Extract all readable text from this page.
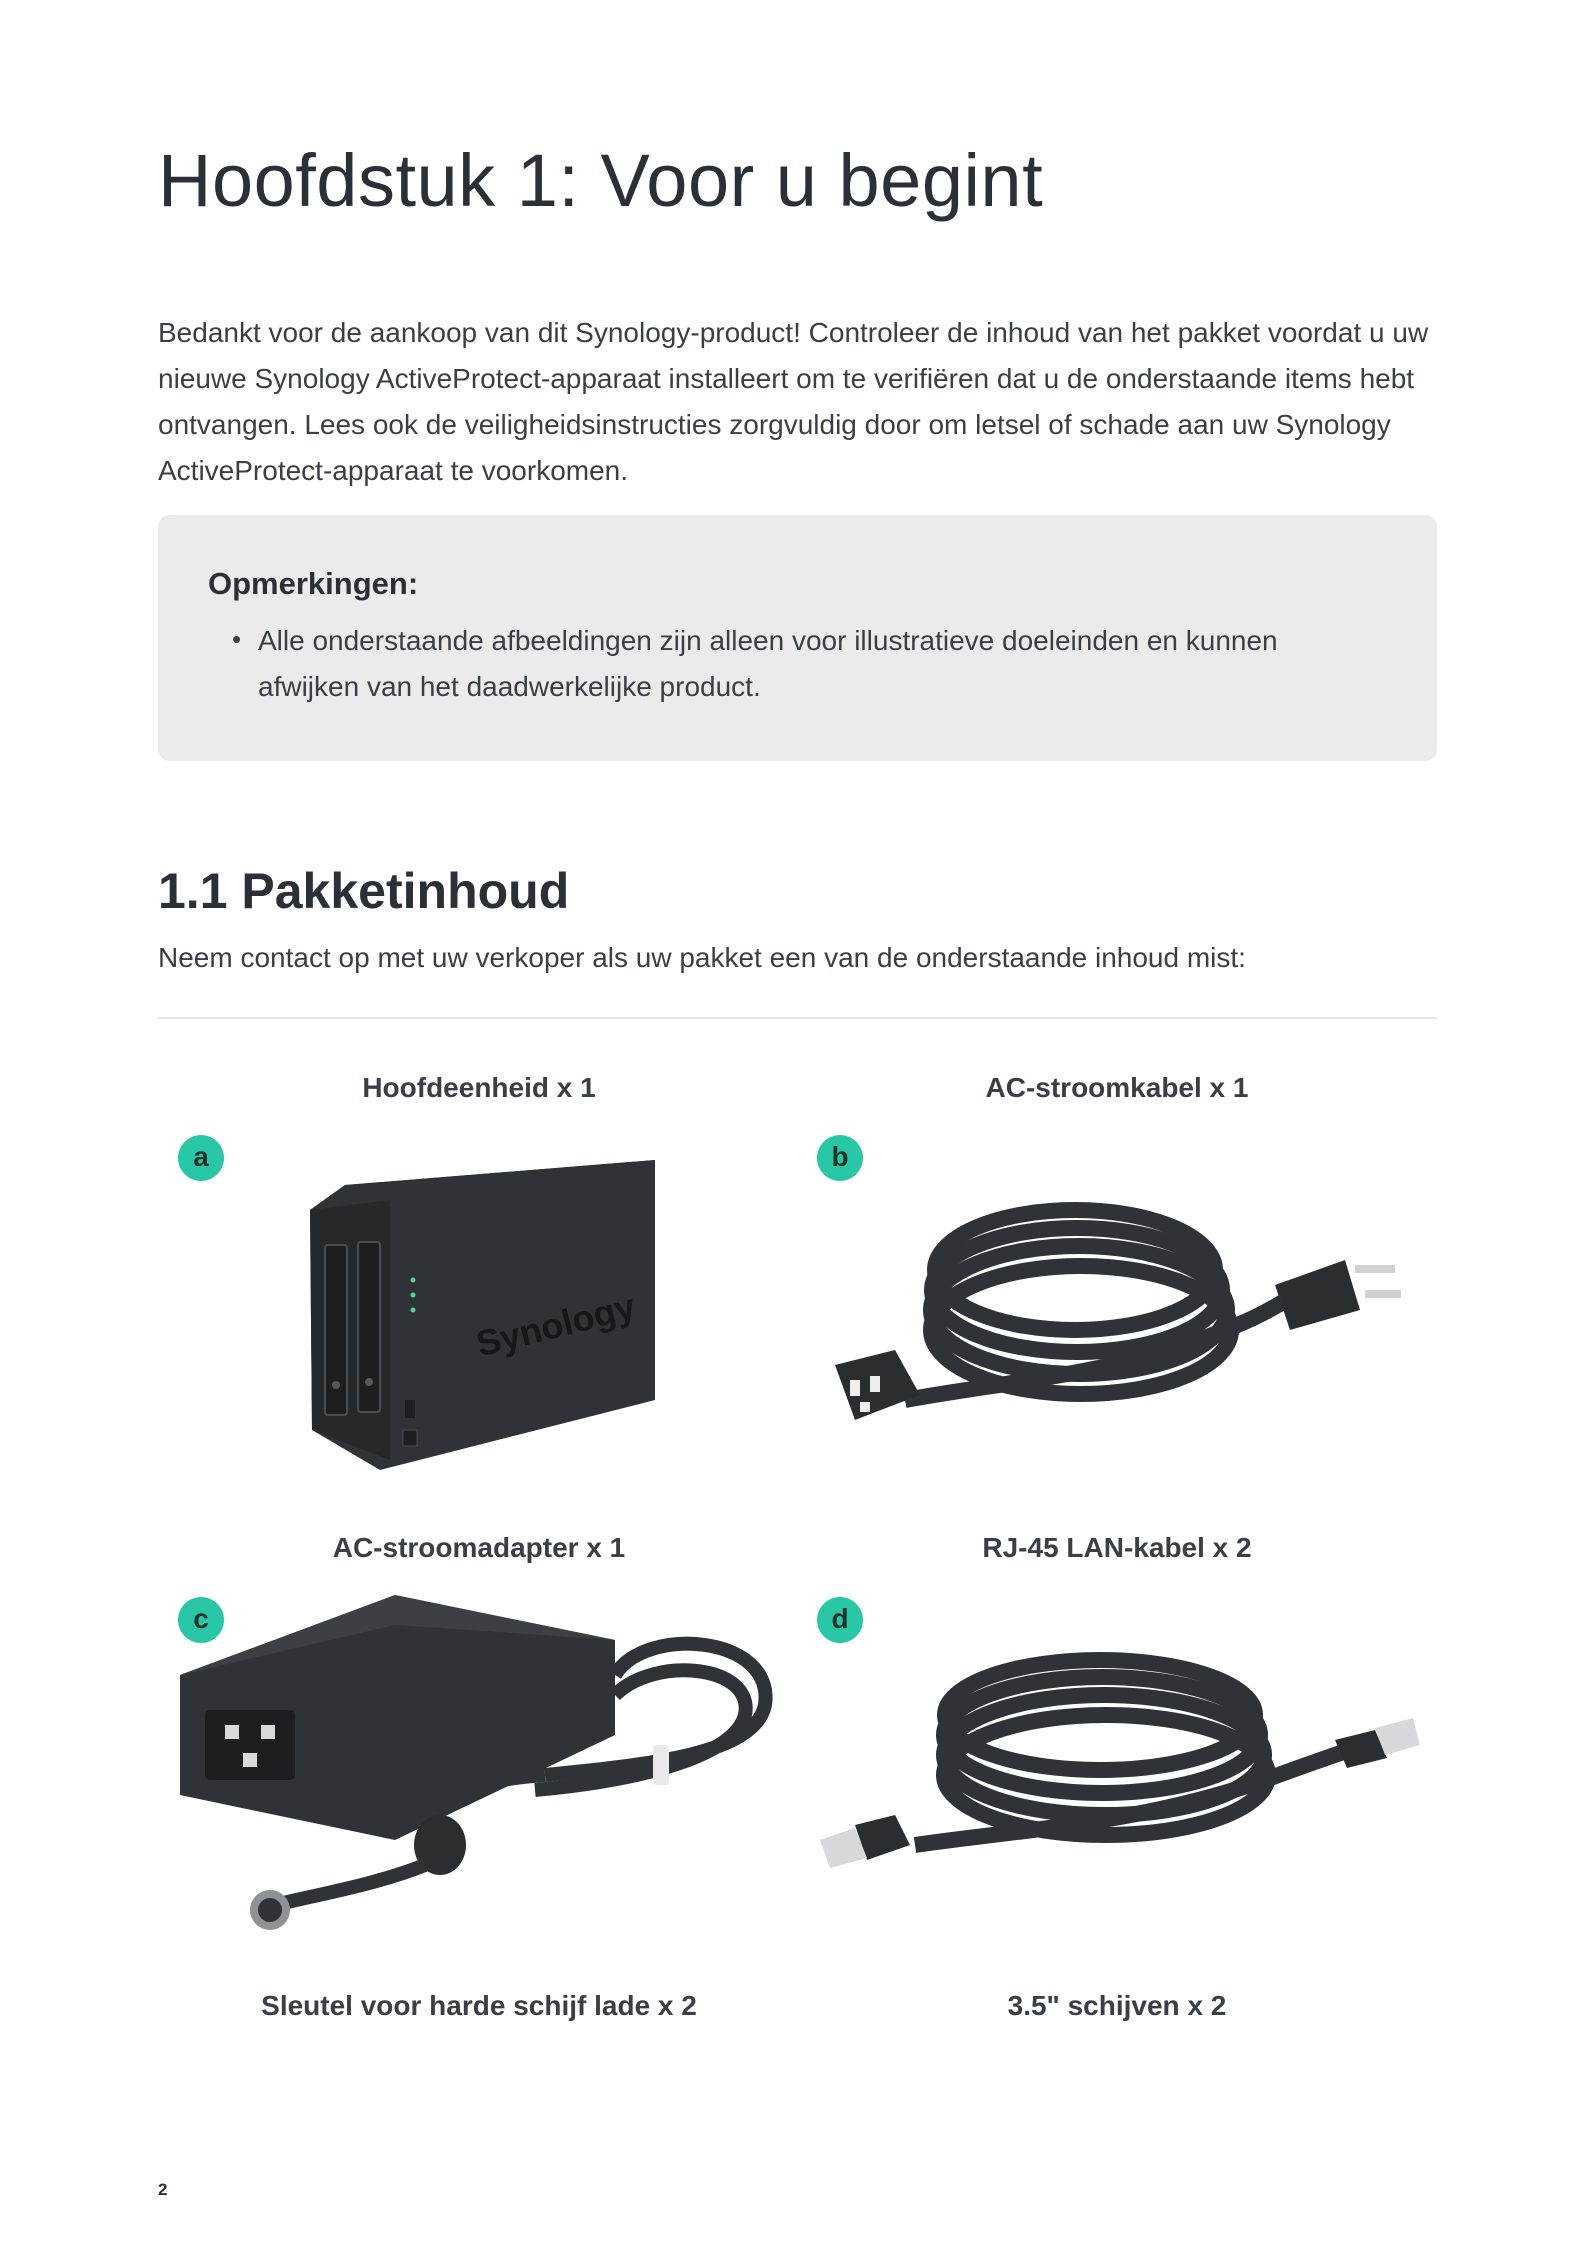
Hoofdstuk 1: Voor u begint
Bedankt voor de aankoop van dit Synology-product! Controleer de inhoud van het pakket voordat u uw nieuwe Synology ActiveProtect-apparaat installeert om te verifiëren dat u de onderstaande items hebt ontvangen. Lees ook de veiligheidsinstructies zorgvuldig door om letsel of schade aan uw Synology ActiveProtect-apparaat te voorkomen.
Opmerkingen:
• Alle onderstaande afbeeldingen zijn alleen voor illustratieve doeleinden en kunnen afwijken van het daadwerkelijke product.
1.1 Pakketinhoud
Neem contact op met uw verkoper als uw pakket een van de onderstaande inhoud mist:
Hoofdeenheid x 1	AC-stroomkabel x 1
AC-stroomadapter x 1	RJ-45 LAN-kabel x 2
Sleutel voor harde schijf lade x 2	3.5" schijven x 2
a	b
c	d
Synology
2
